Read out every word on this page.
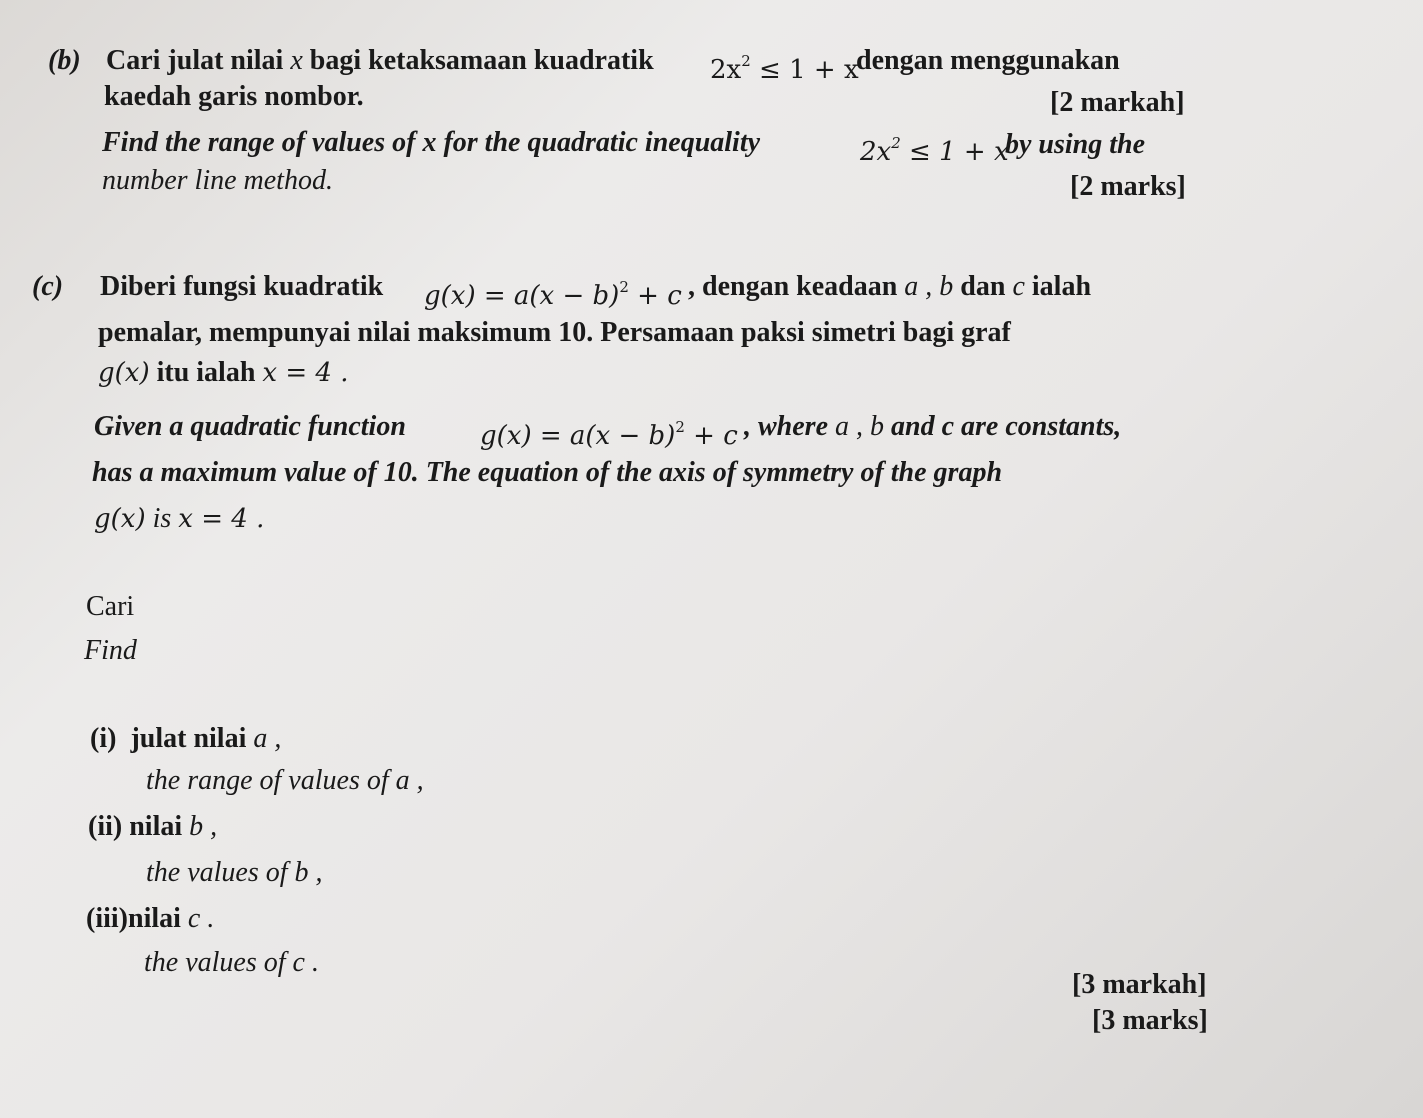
(b) Cari julat nilai x bagi ketaksamaan kuadratik $2x^2 \le 1 + x$
dengan menggunakan
kaedah garis nombor.	[2 markah]
Find the range of values of x for the quadratic inequality	$2x^2 \le 1 + x$
by using the
number line method.	[2 marks]
(c) Diberi fungsi kuadratik $g(x) = a(x - b)^2 + c$ , dengan keadaan a , b dan c ialah
pemalar, mempunyai nilai maksimum 10. Persamaan paksi simetri bagi graf
g(x) itu ialah x = 4 .
Given a quadratic function	$g(x) = a(x - b)^2 + c$ , where a , b and c are constants,
has a maximum value of 10. The equation of the axis of symmetry of the graph
g(x) is x = 4 .
Cari
Find
(i) julat nilai a ,
the range of values of a ,
(ii) nilai b ,
the values of b ,
(iii)nilai c .
the values of c .
[3 markah]
[3 marks]
